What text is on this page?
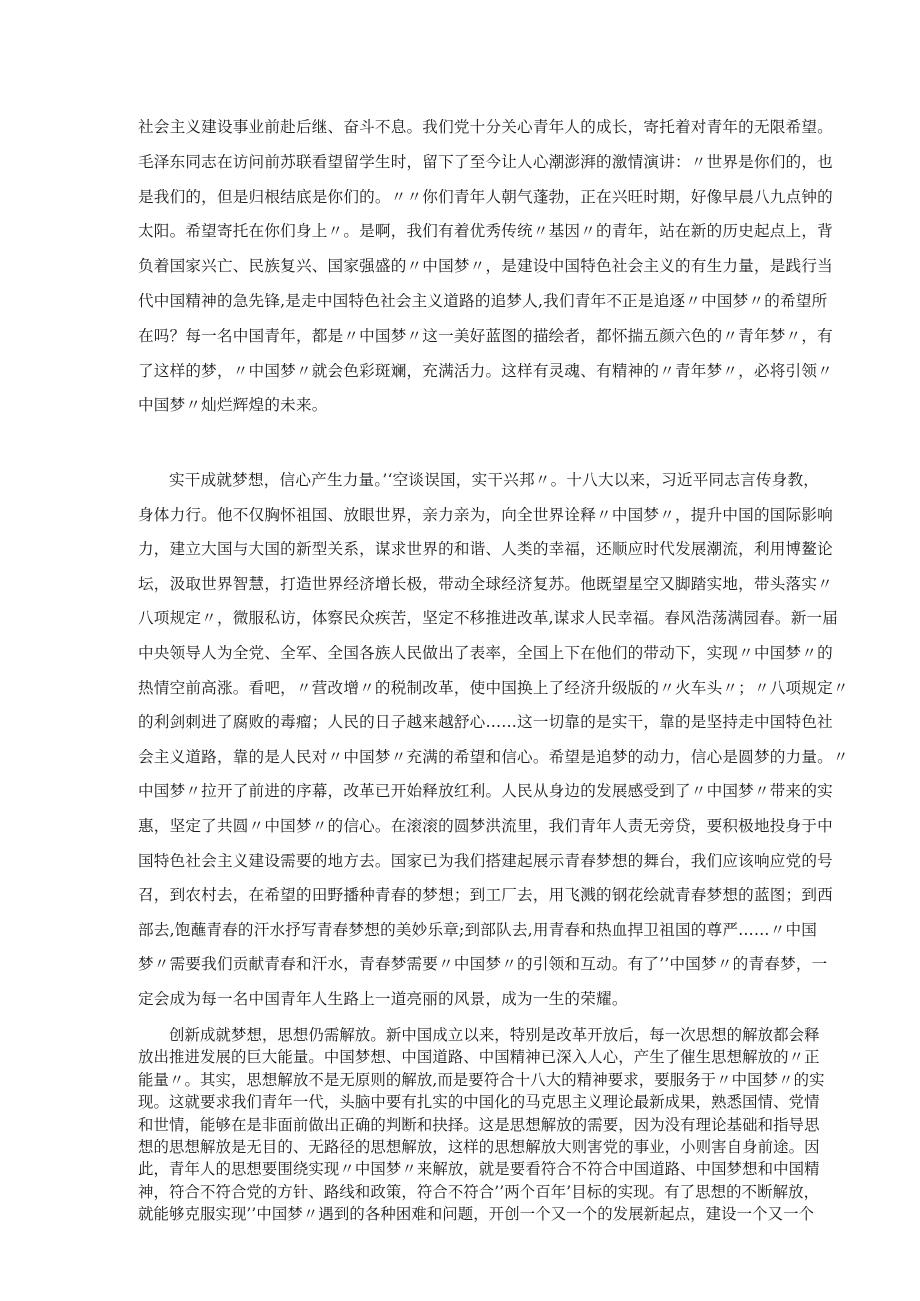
社会主义建设事业前赴后继、奋斗不息。我们党十分关心青年人的成长，寄托着对青年的无限希望。

毛泽东同志在访问前苏联看望留学生时，留下了至今让人心潮澎湃的激情演讲：〃世界是你们的，也

是我们的，但是归根结底是你们的。〃〃你们青年人朝气蓬勃，正在兴旺时期，好像早晨八九点钟的

太阳。希望寄托在你们身上〃。是啊，我们有着优秀传统〃基因〃的青年，站在新的历史起点上，背

负着国家兴亡、民族复兴、国家强盛的〃中国梦〃，是建设中国特色社会主义的有生力量，是践行当

代中国精神的急先锋,是走中国特色社会主义道路的追梦人,我们青年不正是追逐〃中国梦〃的希望所

在吗？每一名中国青年，都是〃中国梦〃这一美好蓝图的描绘者，都怀揣五颜六色的〃青年梦〃，有

了这样的梦，〃中国梦〃就会色彩斑斓，充满活力。这样有灵魂、有精神的〃青年梦〃，必将引领〃

中国梦〃灿烂辉煌的未来。

实干成就梦想，信心产生力量。’‘空谈误国，实干兴邦〃。十八大以来，习近平同志言传身教，

身体力行。他不仅胸怀祖国、放眼世界，亲力亲为，向全世界诠释〃中国梦〃，提升中国的国际影响

力，建立大国与大国的新型关系，谋求世界的和谐、人类的幸福，还顺应时代发展潮流，利用博鳌论

坛，汲取世界智慧，打造世界经济增长极，带动全球经济复苏。他既望星空又脚踏实地，带头落实〃

八项规定〃，微服私访，体察民众疾苦，坚定不移推进改革,谋求人民幸福。春风浩荡满园春。新一届

中央领导人为全党、全军、全国各族人民做出了表率，全国上下在他们的带动下，实现〃中国梦〃的

热情空前高涨。看吧，〃营改增〃的税制改革，使中国换上了经济升级版的〃火车头〃；〃八项规定〃

的利剑刺进了腐败的毒瘤；人民的日子越来越舒心……这一切靠的是实干，靠的是坚持走中国特色社

会主义道路，靠的是人民对〃中国梦〃充满的希望和信心。希望是追梦的动力，信心是圆梦的力量。〃

中国梦〃拉开了前进的序幕，改革已开始释放红利。人民从身边的发展感受到了〃中国梦〃带来的实

惠，坚定了共圆〃中国梦〃的信心。在滚滚的圆梦洪流里，我们青年人责无旁贷，要积极地投身于中

国特色社会主义建设需要的地方去。国家已为我们搭建起展示青春梦想的舞台，我们应该响应党的号

召，到农村去，在希望的田野播种青春的梦想；到工厂去，用飞溅的钢花绘就青春梦想的蓝图；到西

部去,饱蘸青春的汗水抒写青春梦想的美妙乐章;到部队去,用青春和热血捍卫祖国的尊严……〃中国

梦〃需要我们贡献青春和汗水，青春梦需要〃中国梦〃的引领和互动。有了’’中国梦〃的青春梦，一

定会成为每一名中国青年人生路上一道亮丽的风景，成为一生的荣耀。

创新成就梦想，思想仍需解放。新中国成立以来，特别是改革开放后，每一次思想的解放都会释

放出推进发展的巨大能量。中国梦想、中国道路、中国精神已深入人心，产生了催生思想解放的〃正

能量〃。其实，思想解放不是无原则的解放,而是要符合十八大的精神要求，要服务于〃中国梦〃的实

现。这就要求我们青年一代，头脑中要有扎实的中国化的马克思主义理论最新成果，熟悉国情、党情

和世情，能够在是非面前做出正确的判断和抉择。这是思想解放的需要，因为没有理论基础和指导思

想的思想解放是无目的、无路径的思想解放，这样的思想解放大则害党的事业，小则害自身前途。因

此，青年人的思想要围绕实现〃中国梦〃来解放，就是要看符合不符合中国道路、中国梦想和中国精

神，符合不符合党的方针、路线和政策，符合不符合’’两个百年’目标的实现。有了思想的不断解放，

就能够克服实现’’中国梦〃遇到的各种困难和问题，开创一个又一个的发展新起点，建设一个又一个
